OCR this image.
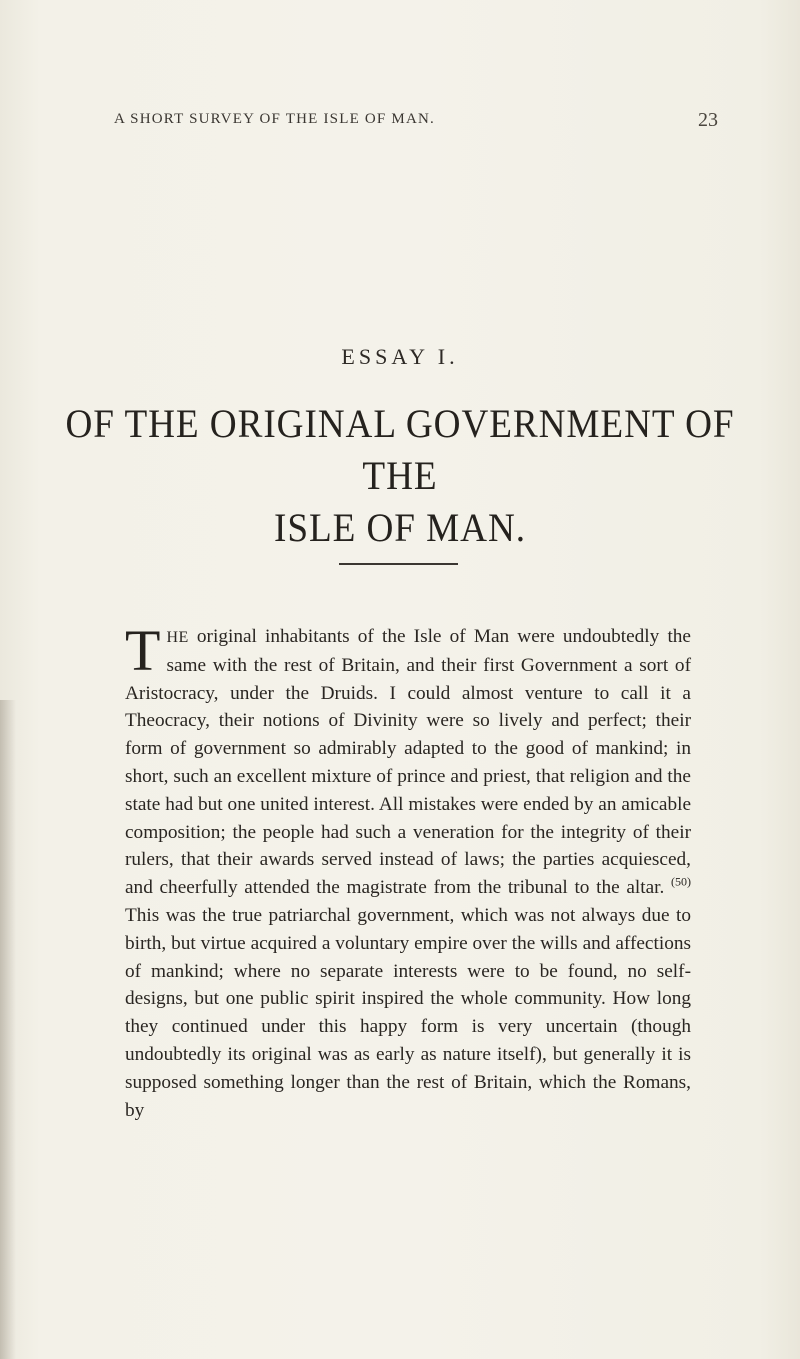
A SHORT SURVEY OF THE ISLE OF MAN.	23
ESSAY I.
OF THE ORIGINAL GOVERNMENT OF THE
ISLE OF MAN.

THE original inhabitants of the Isle of Man were undoubtedly the same with the rest of Britain, and their first Government a sort of Aristocracy, under the Druids. I could almost venture to call it a Theocracy, their notions of Divinity were so lively and perfect; their form of government so admirably adapted to the good of mankind; in short, such an excellent mixture of prince and priest, that religion and the state had but one united interest. All mistakes were ended by an amicable composition; the people had such a veneration for the integrity of their rulers, that their awards served instead of laws; the parties acquiesced, and cheerfully attended the magistrate from the tribunal to the altar. $^{(50)}$ This was the true patriarchal government, which was not always due to birth, but virtue acquired a voluntary empire over the wills and affections of mankind; where no separate interests were to be found, no self-designs, but one public spirit inspired the whole community. How long they continued under this happy form is very uncertain (though undoubtedly its original was as early as nature itself), but generally it is supposed something longer than the rest of Britain, which the Romans, by
